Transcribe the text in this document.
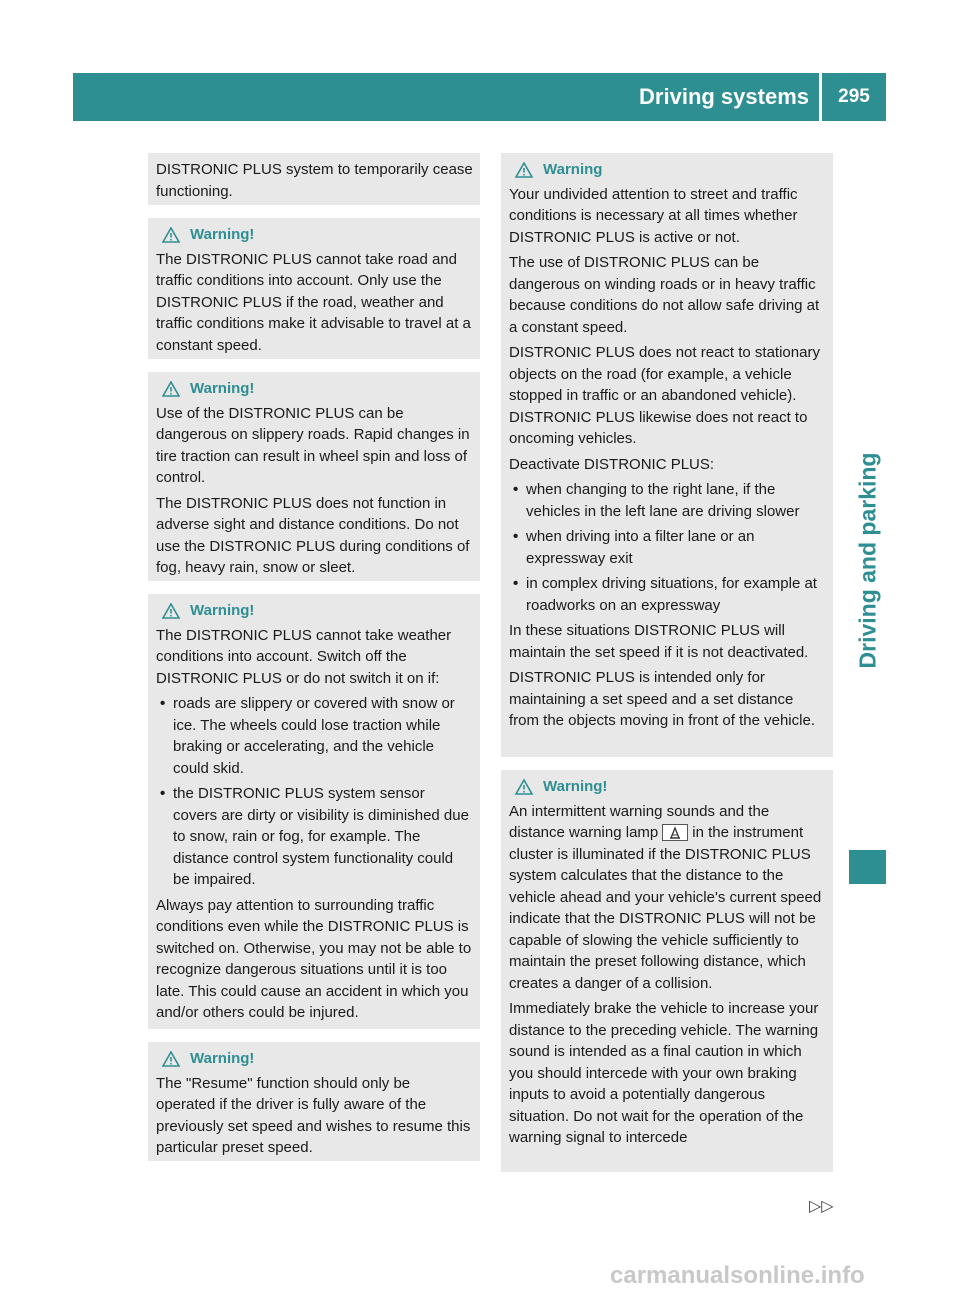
Driving systems	295
Driving and parking

DISTRONIC PLUS system to temporarily cease functioning.

Warning!

The DISTRONIC PLUS cannot take road and traffic conditions into account. Only use the DISTRONIC PLUS if the road, weather and traffic conditions make it advisable to travel at a constant speed.

Warning!

Use of the DISTRONIC PLUS can be dangerous on slippery roads. Rapid changes in tire traction can result in wheel spin and loss of control.

The DISTRONIC PLUS does not function in adverse sight and distance conditions. Do not use the DISTRONIC PLUS during conditions of fog, heavy rain, snow or sleet.

Warning!

The DISTRONIC PLUS cannot take weather conditions into account. Switch off the DISTRONIC PLUS or do not switch it on if:

• roads are slippery or covered with snow or ice. The wheels could lose traction while braking or accelerating, and the vehicle could skid.
• the DISTRONIC PLUS system sensor covers are dirty or visibility is diminished due to snow, rain or fog, for example. The distance control system functionality could be impaired.

Always pay attention to surrounding traffic conditions even while the DISTRONIC PLUS is switched on. Otherwise, you may not be able to recognize dangerous situations until it is too late. This could cause an accident in which you and/or others could be injured.

Warning!

The "Resume" function should only be operated if the driver is fully aware of the previously set speed and wishes to resume this particular preset speed.

Warning

Your undivided attention to street and traffic conditions is necessary at all times whether DISTRONIC PLUS is active or not.

The use of DISTRONIC PLUS can be dangerous on winding roads or in heavy traffic because conditions do not allow safe driving at a constant speed.

DISTRONIC PLUS does not react to stationary objects on the road (for example, a vehicle stopped in traffic or an abandoned vehicle). DISTRONIC PLUS likewise does not react to oncoming vehicles.

Deactivate DISTRONIC PLUS:

• when changing to the right lane, if the vehicles in the left lane are driving slower
• when driving into a filter lane or an expressway exit
• in complex driving situations, for example at roadworks on an expressway

In these situations DISTRONIC PLUS will maintain the set speed if it is not deactivated.

DISTRONIC PLUS is intended only for maintaining a set speed and a set distance from the objects moving in front of the vehicle.

Warning!

An intermittent warning sounds and the distance warning lamp in the instrument cluster is illuminated if the DISTRONIC PLUS system calculates that the distance to the vehicle ahead and your vehicle's current speed indicate that the DISTRONIC PLUS will not be capable of slowing the vehicle sufficiently to maintain the preset following distance, which creates a danger of a collision.

Immediately brake the vehicle to increase your distance to the preceding vehicle. The warning sound is intended as a final caution in which you should intercede with your own braking inputs to avoid a potentially dangerous situation. Do not wait for the operation of the warning signal to intercede

▷▷
carmanualsonline.info
